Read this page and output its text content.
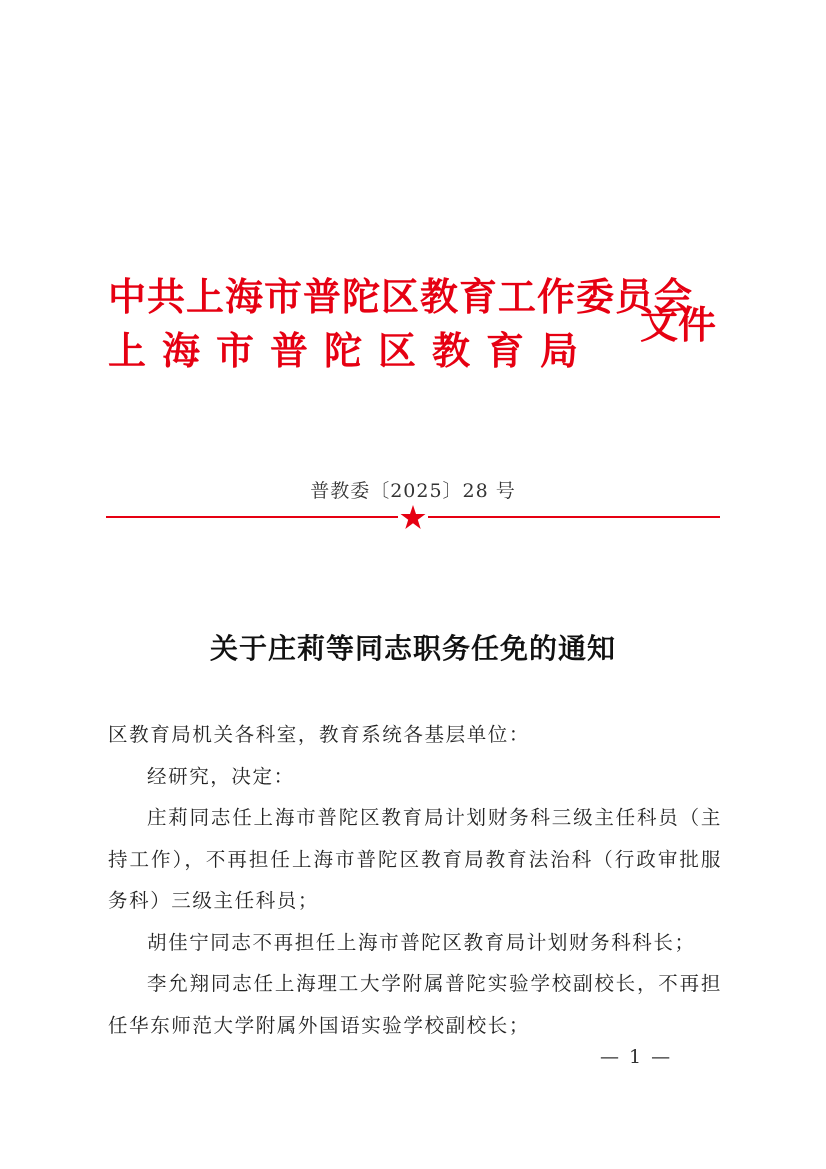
中共上海市普陀区教育工作委员会
上海市普陀区教育局
文件
普教委〔2025〕28 号
关于庄莉等同志职务任免的通知

区教育局机关各科室，教育系统各基层单位：

经研究，决定：

庄莉同志任上海市普陀区教育局计划财务科三级主任科员（主持工作），不再担任上海市普陀区教育局教育法治科（行政审批服务科）三级主任科员；

胡佳宁同志不再担任上海市普陀区教育局计划财务科科长；

李允翔同志任上海理工大学附属普陀实验学校副校长，不再担任华东师范大学附属外国语实验学校副校长；

— 1 —
